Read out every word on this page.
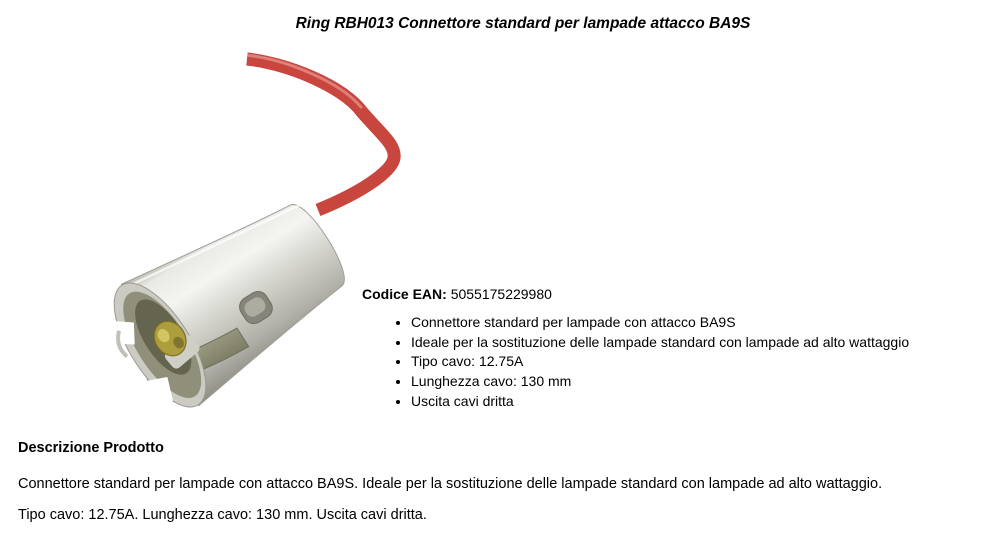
Ring RBH013 Connettore standard per lampade attacco BA9S
Codice EAN: 5055175229980
• Connettore standard per lampade con attacco BA9S
• Ideale per la sostituzione delle lampade standard con lampade ad alto wattaggio
• Tipo cavo: 12.75A
• Lunghezza cavo: 130 mm
• Uscita cavi dritta
Descrizione Prodotto

Connettore standard per lampade con attacco BA9S. Ideale per la sostituzione delle lampade standard con lampade ad alto wattaggio.

Tipo cavo: 12.75A. Lunghezza cavo: 130 mm. Uscita cavi dritta.
